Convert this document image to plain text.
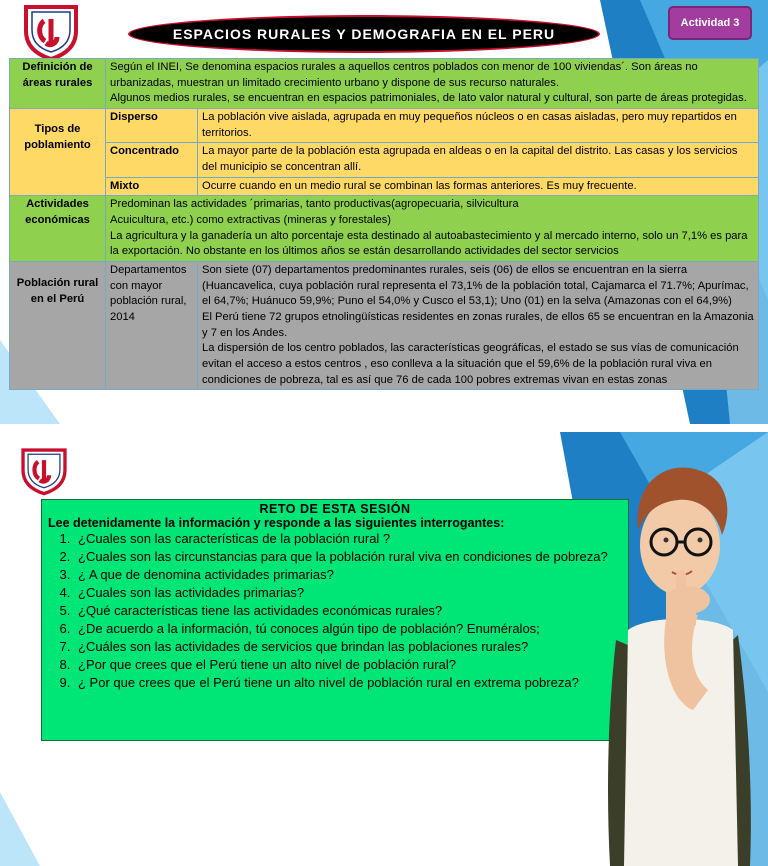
ESPACIOS RURALES Y DEMOGRAFIA EN EL PERU
Actividad 3
Definición de áreas rurales	Según el INEI, Se denomina espacios rurales a aquellos centros poblados con menor de 100 viviendas´. Son áreas no urbanizadas, muestran un limitado crecimiento urbano y dispone de sus recurso naturales.
Algunos medios rurales, se encuentran en espacios patrimoniales, de lato valor natural y cultural, son parte de áreas protegidas.	

Tipos de poblamiento	Disperso	La población vive aislada, agrupada en muy pequeños núcleos o en casas aisladas, pero muy repartidos en territorios.
	Concentrado	La mayor parte de la población esta agrupada en aldeas o en la capital del distrito. Las casas y los servicios del municipio se concentran allí.
	Mixto	Ocurre cuando en un medio rural se combinan las formas anteriores. Es muy frecuente.
Actividades económicas	Predominan las actividades ´primarias, tanto productivas(agropecuaria, silvicultura
Acuicultura, etc.) como extractivas (mineras y forestales)
La agricultura y la ganadería un alto porcentaje esta destinado al autoabastecimiento y al mercado interno, solo un 7,1% es para la exportación. No obstante en los últimos años se están desarrollando actividades del sector servicios	

Población rural en el Perú	Departamentos con mayor población rural, 2014	Son siete (07) departamentos predominantes rurales, seis (06) de ellos se encuentran en la sierra (Huancavelica, cuya población rural representa el 73,1% de la población total, Cajamarca el 71.7%; Apurímac, el 64,7%; Huánuco 59,9%; Puno el 54,0% y Cusco el 53,1); Uno (01) en la selva (Amazonas con el 64,9%)
El Perú tiene 72 grupos etnolingüísticas residentes en zonas rurales, de ellos 65 se encuentran en la Amazonia y 7 en los Andes.
La dispersión de los centro poblados, las características geográficas, el estado se sus vías de comunicación evitan el acceso a estos centros , eso conlleva a la situación que el 59,6% de la población rural viva en condiciones de pobreza, tal es así que 76 de cada 100 pobres extremas vivan en estas zonas
RETO DE ESTA SESIÓN

Lee detenidamente la información y responde a las siguientes interrogantes:

1. ¿Cuales son las características de la población rural ?
2. ¿Cuales son las circunstancias para que la población rural viva en condiciones de pobreza?
3. ¿ A que de denomina actividades primarias?
4. ¿Cuales son las actividades primarias?
5. ¿Qué características tiene las actividades económicas rurales?
6. ¿De acuerdo a la información, tú conoces algún tipo de población? Enuméralos;
7. ¿Cuáles son las actividades de servicios que brindan las poblaciones rurales?
8. ¿Por que crees que el Perú tiene un alto nivel de población rural?
9. ¿ Por que crees que el Perú tiene un alto nivel de población rural en extrema pobreza?
